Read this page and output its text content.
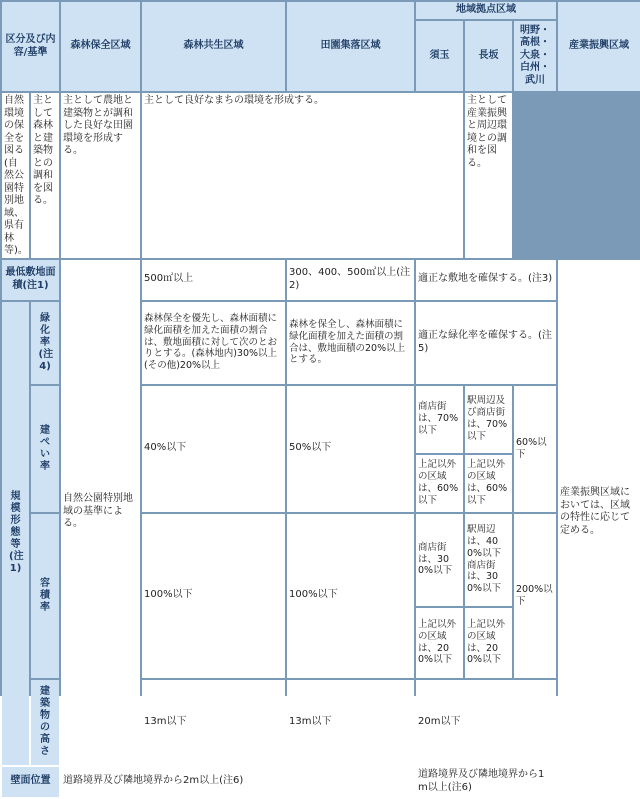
区分及び内容/基準		森林保全区域	森林共生区域	田園集落区域	地域拠点区域			産業振興区域
					須玉	長坂	明野・高根・大泉・白州・武川	

自然環境の保全を図る(自然公園特別地域、県有林等)。	主として森林と建築物との調和を図る。	主として農地と建築物とが調和した良好な田園環境を形成する。	主として良好なまちの環境を形成する。			主として産業振興と周辺環境との調和を図る。		
最低敷地面積(注1)		自然公園特別地域の基準による。	500㎡以上	300、400、500㎡以上(注2)	適正な敷地を確保する。(注3)			産業振興区域においては、区域の特性に応じて定める。

規模形態等(注1)	緑化率(注4)		森林保全を優先し、森林面積に緑化面積を加えた面積の割合は、敷地面積に対して次のとおりとする。(森林地内)30%以上(その他)20%以上	森林を保全し、森林面積に緑化面積を加えた面積の割合は、敷地面積の20%以上とする。	適正な緑化率を確保する。(注5)			

	建ぺい率		40%以下	50%以下	商店街は、70%以下	駅周辺及び商店街は、70%以下	60%以下	
					上記以外の区域は、60%以下	上記以外の区域は、60%以下		

	容積率		100%以下	100%以下	商店街は、300%以下	駅周辺は、400%以下 商店街は、300%以下	200%以下	
					上記以外の区域は、200%以下	上記以外の区域は、200%以下		

	建築物の高さ		13m以下	13m以下	20m以下			
壁面位置		道路境界及び隣地境界から2m以上(注6)			道路境界及び隣地境界から1m以上(注6)			
